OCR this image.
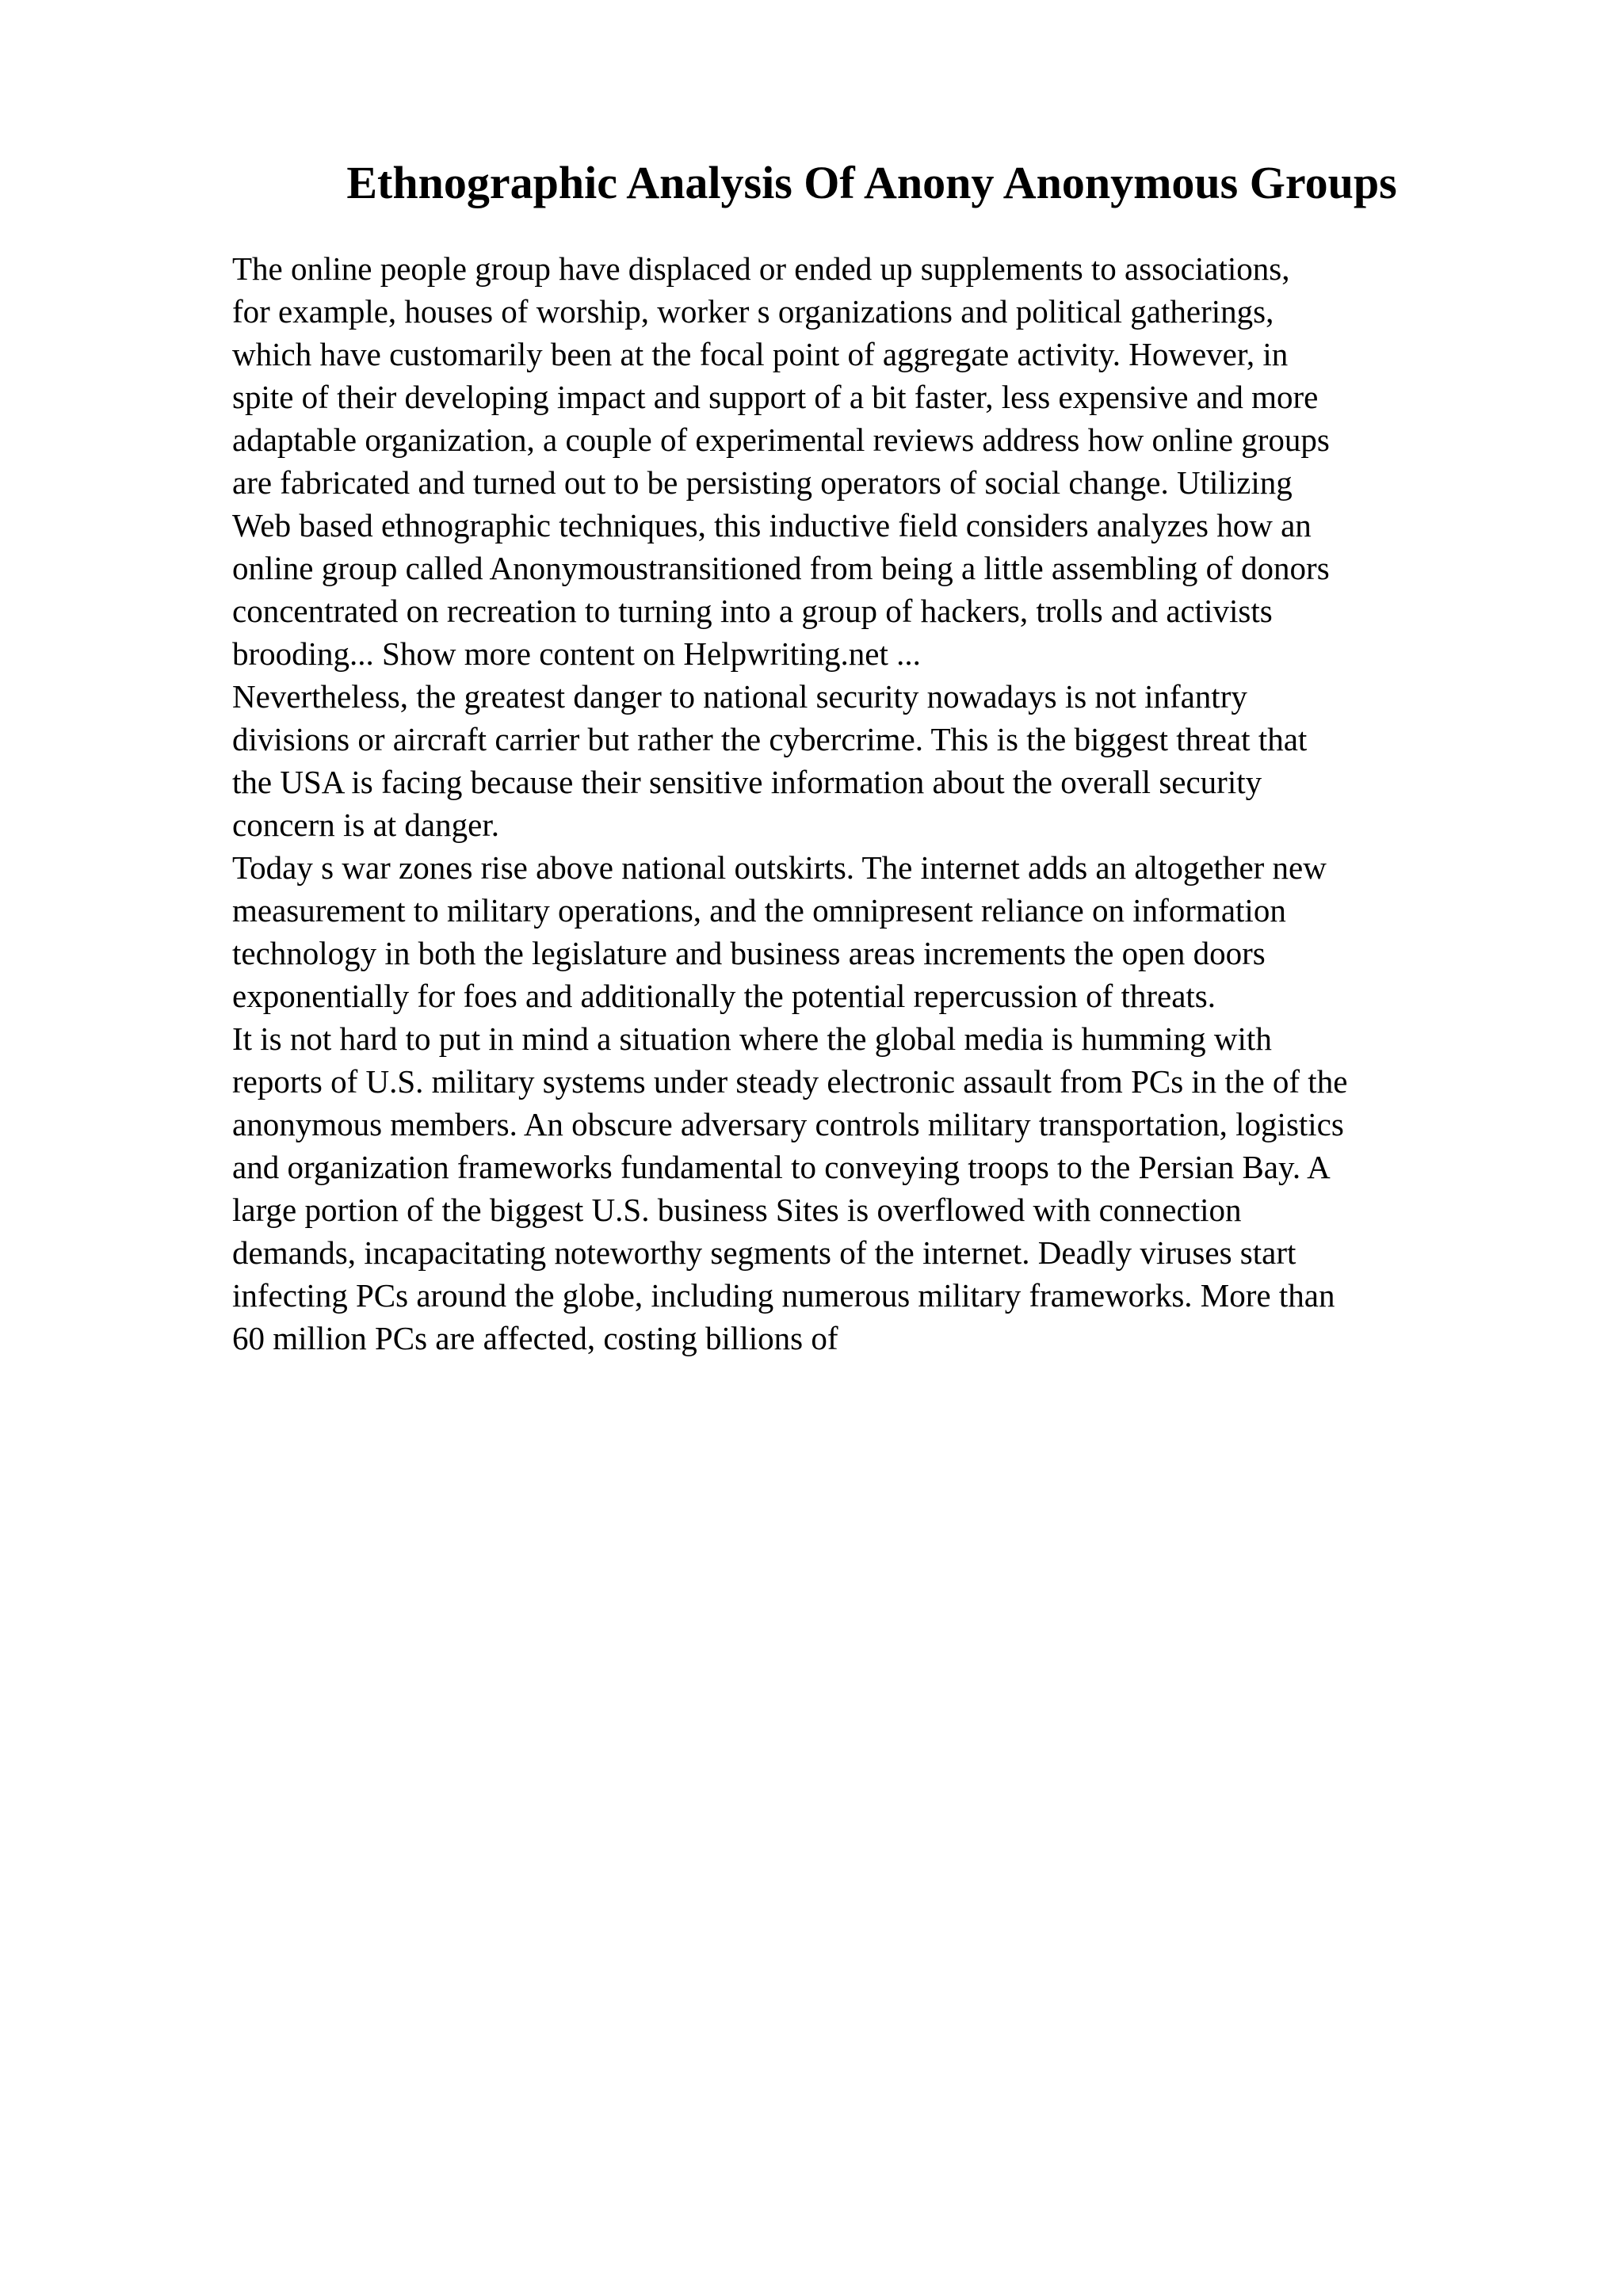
Ethnographic Analysis Of Anony Anonymous Groups

The online people group have displaced or ended up supplements to associations,
for example, houses of worship, worker s organizations and political gatherings,
which have customarily been at the focal point of aggregate activity. However, in
spite of their developing impact and support of a bit faster, less expensive and more
adaptable organization, a couple of experimental reviews address how online groups
are fabricated and turned out to be persisting operators of social change. Utilizing
Web based ethnographic techniques, this inductive field considers analyzes how an
online group called Anonymoustransitioned from being a little assembling of donors
concentrated on recreation to turning into a group of hackers, trolls and activists
brooding... Show more content on Helpwriting.net ...

Nevertheless, the greatest danger to national security nowadays is not infantry
divisions or aircraft carrier but rather the cybercrime. This is the biggest threat that
the USA is facing because their sensitive information about the overall security
concern is at danger.

Today s war zones rise above national outskirts. The internet adds an altogether new
measurement to military operations, and the omnipresent reliance on information
technology in both the legislature and business areas increments the open doors
exponentially for foes and additionally the potential repercussion of threats.

It is not hard to put in mind a situation where the global media is humming with
reports of U.S. military systems under steady electronic assault from PCs in the of the
anonymous members. An obscure adversary controls military transportation, logistics
and organization frameworks fundamental to conveying troops to the Persian Bay. A
large portion of the biggest U.S. business Sites is overflowed with connection
demands, incapacitating noteworthy segments of the internet. Deadly viruses start
infecting PCs around the globe, including numerous military frameworks. More than
60 million PCs are affected, costing billions of
